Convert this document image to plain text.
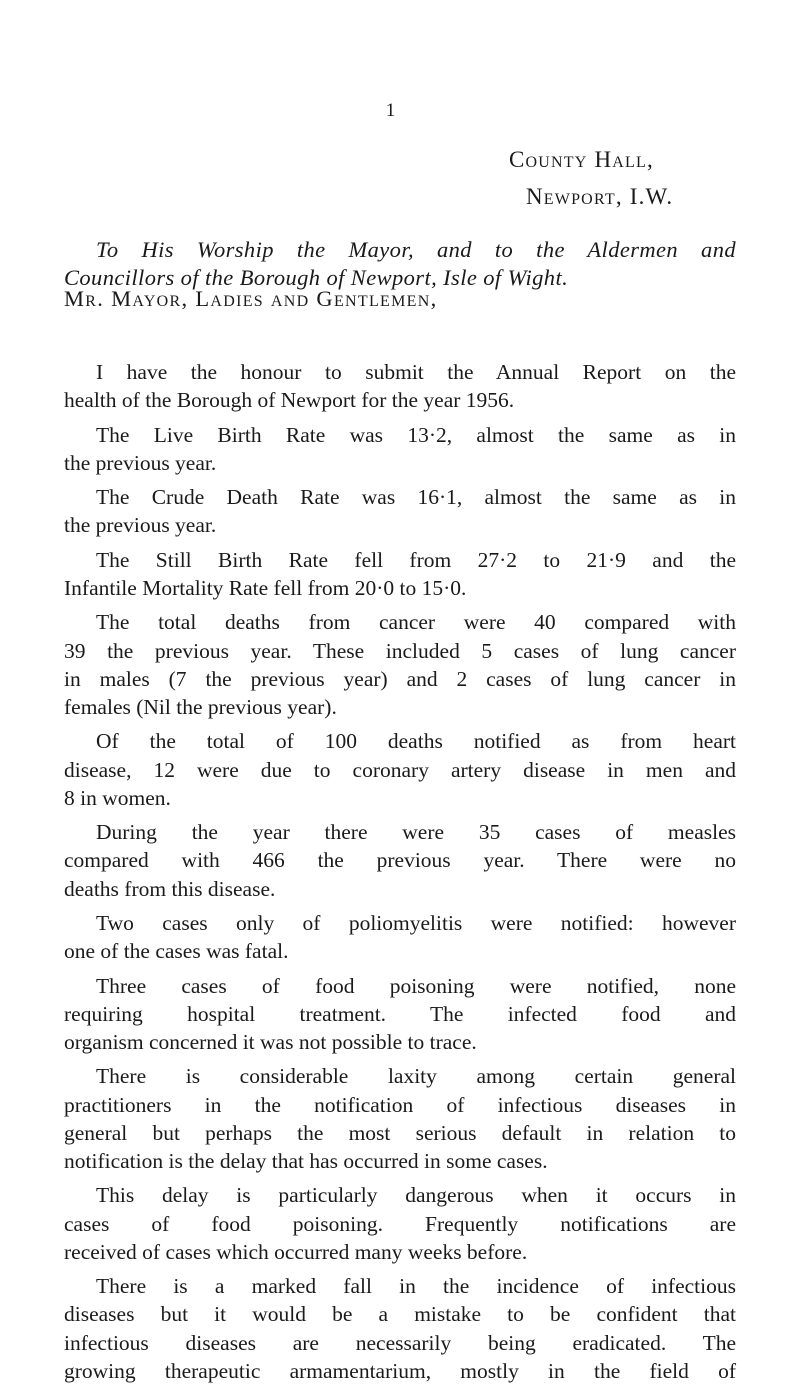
1
County Hall,
Newport, I.W.
To His Worship the Mayor, and to the Aldermen and
Councillors of the Borough of Newport, Isle of Wight.
Mr. Mayor, Ladies and Gentlemen,
I have the honour to submit the Annual Report on the
health of the Borough of Newport for the year 1956.
The Live Birth Rate was 13·2, almost the same as in
the previous year.
The Crude Death Rate was 16·1, almost the same as in
the previous year.
The Still Birth Rate fell from 27·2 to 21·9 and the
Infantile Mortality Rate fell from 20·0 to 15·0.
The total deaths from cancer were 40 compared with
39 the previous year. These included 5 cases of lung cancer
in males (7 the previous year) and 2 cases of lung cancer in
females (Nil the previous year).
Of the total of 100 deaths notified as from heart
disease, 12 were due to coronary artery disease in men and
8 in women.
During the year there were 35 cases of measles
compared with 466 the previous year. There were no
deaths from this disease.
Two cases only of poliomyelitis were notified: however
one of the cases was fatal.
Three cases of food poisoning were notified, none
requiring hospital treatment. The infected food and
organism concerned it was not possible to trace.
There is considerable laxity among certain general
practitioners in the notification of infectious diseases in
general but perhaps the most serious default in relation to
notification is the delay that has occurred in some cases.
This delay is particularly dangerous when it occurs in
cases of food poisoning. Frequently notifications are
received of cases which occurred many weeks before.
There is a marked fall in the incidence of infectious
diseases but it would be a mistake to be confident that
infectious diseases are necessarily being eradicated. The
growing therapeutic armamentarium, mostly in the field of
